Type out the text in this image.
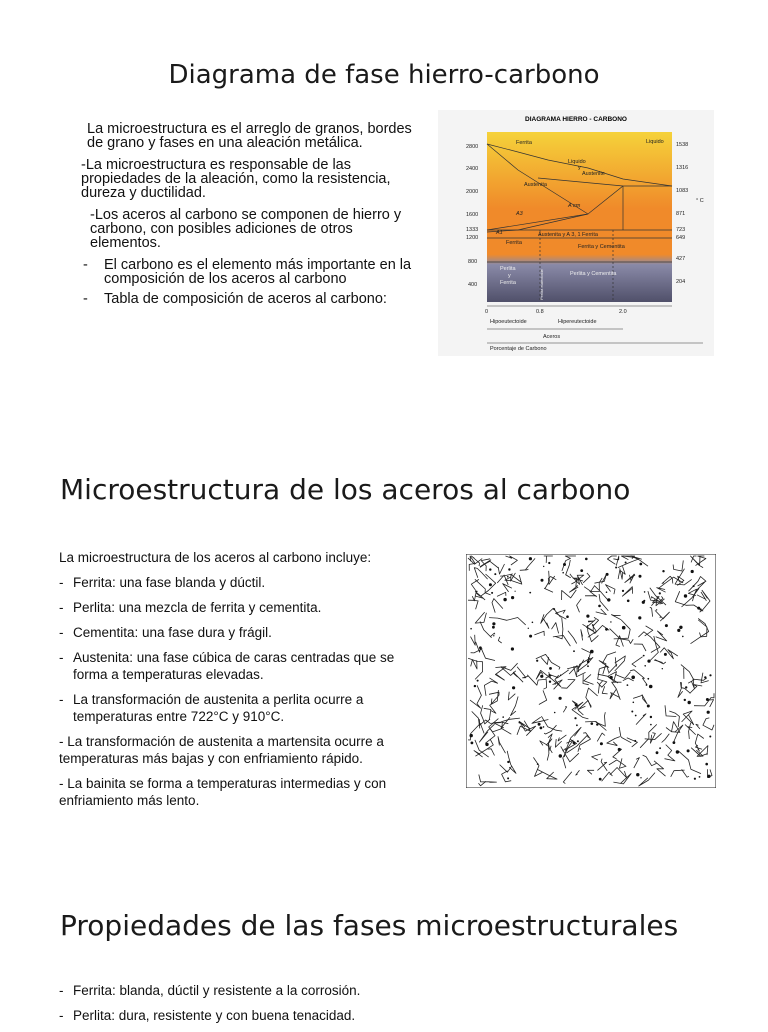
Diagrama de fase hierro-carbono

La microestructura es el arreglo de granos, bordes de grano y fases en una aleación metálica.

-La microestructura es responsable de las propiedades de la aleación, como la resistencia, dureza y ductilidad.

-Los aceros al carbono se componen de hierro y carbono, con posibles adiciones de otros elementos.

-	El carbono es el elemento más importante en la composición de los aceros al carbono
-	Tabla de composición de aceros al carbono:
DIAGRAMA HIERRO - CARBONO
2800
2400
2000
1600
1333
1200
800
400
1538
1316
1083
871
723
649
427
204
° C
Liquido
Ferrita
Liquido
y
Austenite
Austenita
A cm
A3
A1	Austenita y A 3, 1 Ferrita
Ferrita
Ferrita y Cementita
Perlita
y
Ferrita
Perlita y Cementita
Perlita eutectoide
0	0.8	2.0
Hipoeutectoide	Hipereutectoide
Aceros
Porcentaje de Carbono
Microestructura de los aceros al carbono
La microestructura de los aceros al carbono incluye:
- Ferrita: una fase blanda y dúctil.
- Perlita: una mezcla de ferrita y cementita.
- Cementita: una fase dura y frágil.
- Austenita: una fase cúbica de caras centradas que se forma a temperaturas elevadas.
- La transformación de austenita a perlita ocurre a temperaturas entre 722°C y 910°C.
- La transformación de austenita a martensita ocurre a temperaturas más bajas y con enfriamiento rápido.
- La bainita se forma a temperaturas intermedias y con enfriamiento más lento.
Propiedades de las fases microestructurales
- Ferrita: blanda, dúctil y resistente a la corrosión.
- Perlita: dura, resistente y con buena tenacidad.
